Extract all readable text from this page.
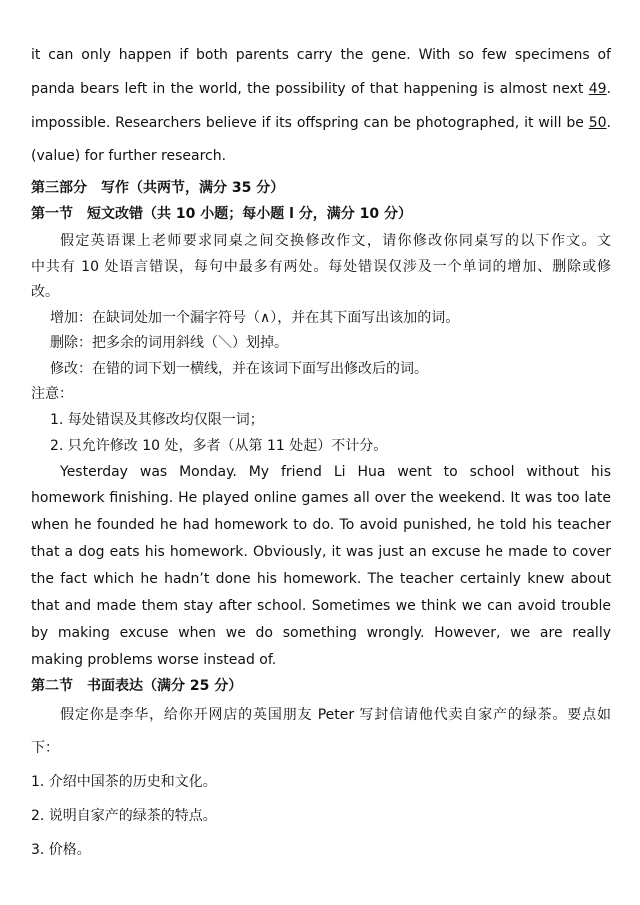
it can only happen if both parents carry the gene. With so few specimens of
panda bears left in the world, the possibility of that happening is almost next 49.
impossible. Researchers believe if its offspring can be photographed, it will be 50.
(value) for further research.
第三部分　写作（共两节，满分 35 分）
第一节　短文改错（共 10 小题；每小题 l 分，满分 10 分）
假定英语课上老师要求同桌之间交换修改作文，请你修改你同桌写的以下作文。文
中共有 10 处语言错误，每句中最多有两处。每处错误仅涉及一个单词的增加、删除或修
改。
增加：在缺词处加一个漏字符号（∧），并在其下面写出该加的词。
删除：把多余的词用斜线（＼）划掉。
修改：在错的词下划一横线，并在该词下面写出修改后的词。
注意：
1. 每处错误及其修改均仅限一词；
2. 只允许修改 10 处，多者（从第 11 处起）不计分。
Yesterday was Monday. My friend Li Hua went to school without his
homework finishing. He played online games all over the weekend. It was too late
when he founded he had homework to do. To avoid punished, he told his teacher
that a dog eats his homework. Obviously, it was just an excuse he made to cover
the fact which he hadn’t done his homework. The teacher certainly knew about
that and made them stay after school. Sometimes we think we can avoid trouble
by making excuse when we do something wrongly. However, we are really
making problems worse instead of.
第二节　书面表达（满分 25 分）
假定你是李华，给你开网店的英国朋友 Peter 写封信请他代卖自家产的绿茶。要点如
下：
1. 介绍中国茶的历史和文化。
2. 说明自家产的绿茶的特点。
3. 价格。
